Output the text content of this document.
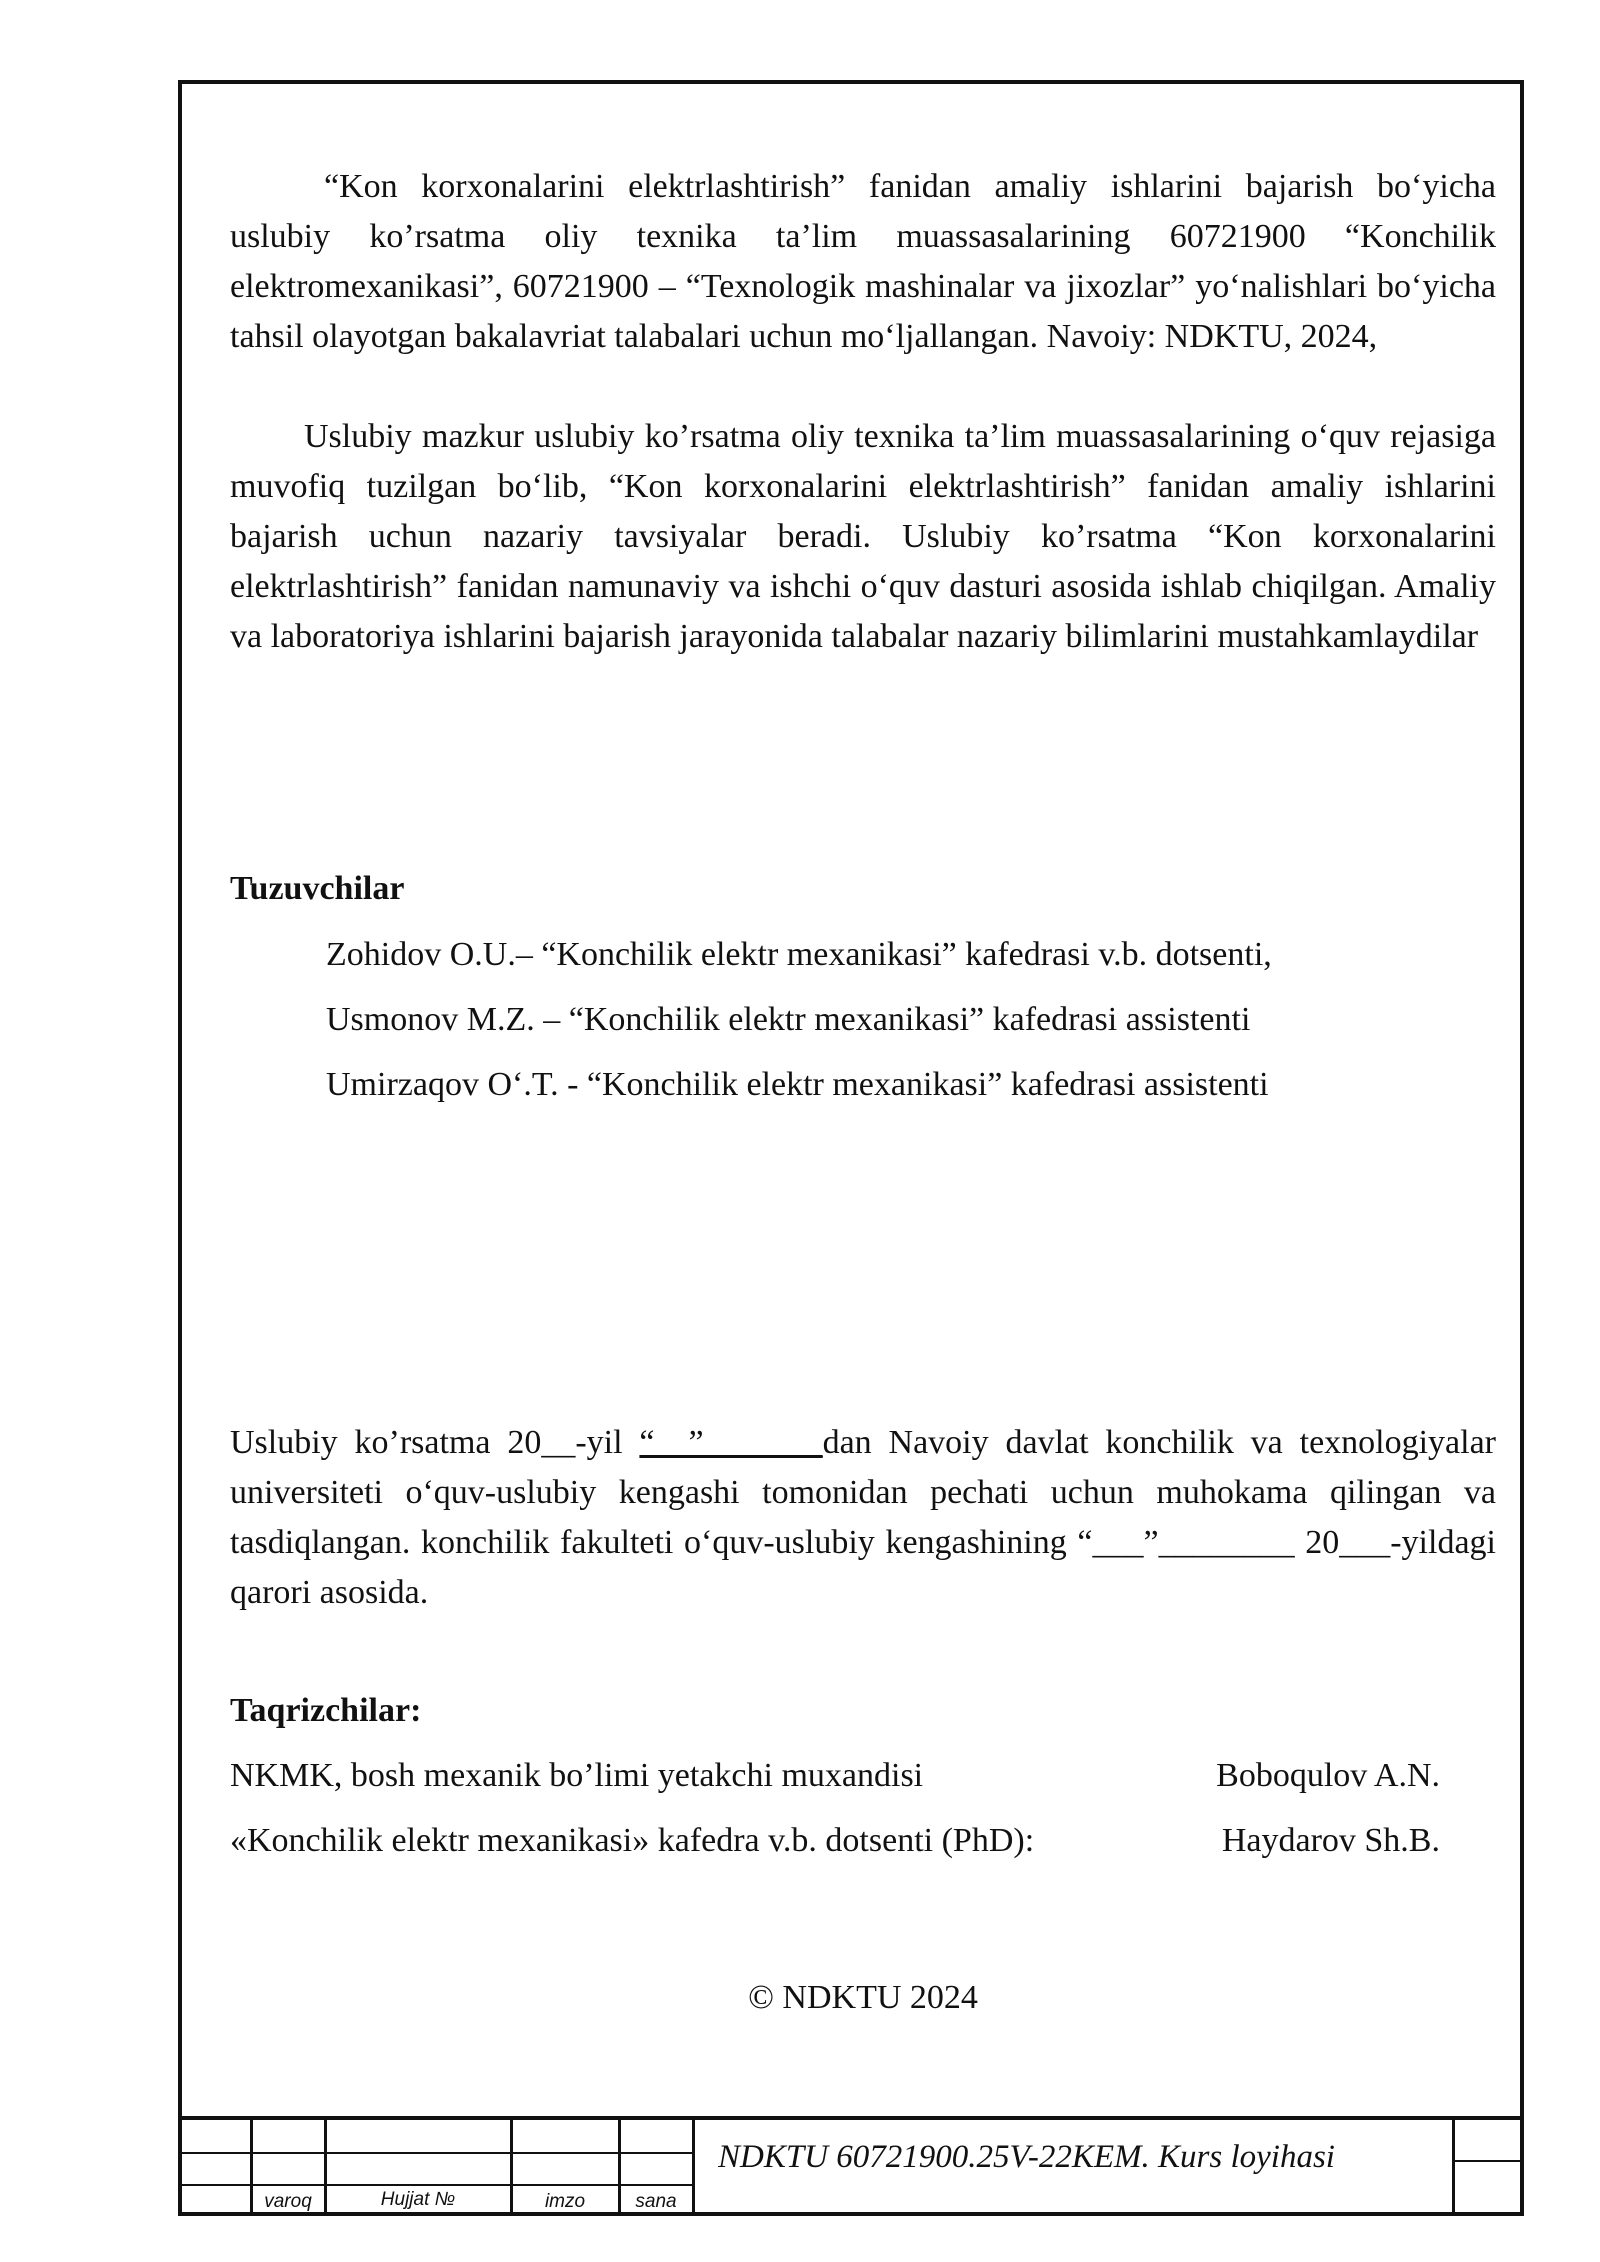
“Kon korxonalarini elektrlashtirish” fanidan amaliy ishlarini bajarish bo‘yicha uslubiy ko’rsatma oliy texnika ta’lim muassasalarining 60721900 “Konchilik elektromexanikasi”, 60721900 – “Texnologik mashinalar va jixozlar” yo‘nalishlari bo‘yicha tahsil olayotgan bakalavriat talabalari uchun mo‘ljallangan. Navoiy: NDKTU, 2024,

Uslubiy mazkur uslubiy ko’rsatma oliy texnika ta’lim muassasalarining o‘quv rejasiga muvofiq tuzilgan bo‘lib, “Kon korxonalarini elektrlashtirish” fanidan amaliy ishlarini bajarish uchun nazariy tavsiyalar beradi. Uslubiy ko’rsatma “Kon korxonalarini elektrlashtirish” fanidan namunaviy va ishchi o‘quv dasturi asosida ishlab chiqilgan. Amaliy va laboratoriya ishlarini bajarish jarayonida talabalar nazariy bilimlarini mustahkamlaydilar

Tuzuvchilar

Zohidov O.U.– “Konchilik elektr mexanikasi” kafedrasi v.b. dotsenti,

Usmonov M.Z. – “Konchilik elektr mexanikasi” kafedrasi assistenti

Umirzaqov O‘.T. - “Konchilik elektr mexanikasi” kafedrasi assistenti

Uslubiy ko’rsatma 20__-yil “__”_______dan Navoiy davlat konchilik va texnologiyalar universiteti o‘quv-uslubiy kengashi tomonidan pechati uchun muhokama qilingan va tasdiqlangan. konchilik fakulteti o‘quv-uslubiy kengashining “___”________ 20___-yildagi qarori asosida.

Taqrizchilar:

NKMK, bosh mexanik bo’limi yetakchi muxandisi	Boboqulov A.N.
«Konchilik elektr mexanikasi» kafedra v.b. dotsenti (PhD):	Haydarov Sh.B.

© NDKTU 2024

varoq	Hujjat №	imzo	sana
NDKTU 60721900.25V-22KEM. Kurs loyihasi
